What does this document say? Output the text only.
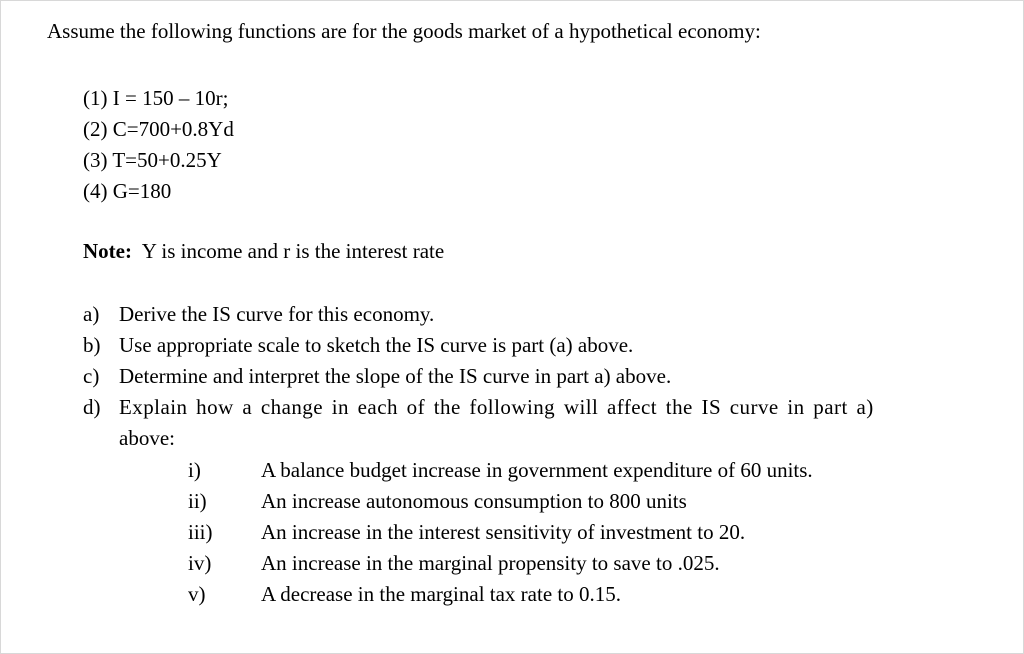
Assume the following functions are for the goods market of a hypothetical economy:
(1) I = 150 – 10r;
(2) C=700+0.8Yd
(3) T=50+0.25Y
(4) G=180
Note: Y is income and r is the interest rate
a) Derive the IS curve for this economy.
b) Use appropriate scale to sketch the IS curve is part (a) above.
c) Determine and interpret the slope of the IS curve in part a) above.
d) Explain how a change in each of the following will affect the IS curve in part a)
above:
i)	A balance budget increase in government expenditure of 60 units.
ii)	An increase autonomous consumption to 800 units
iii) An increase in the interest sensitivity of investment to 20.
iv) An increase in the marginal propensity to save to .025.
v)	A decrease in the marginal tax rate to 0.15.
